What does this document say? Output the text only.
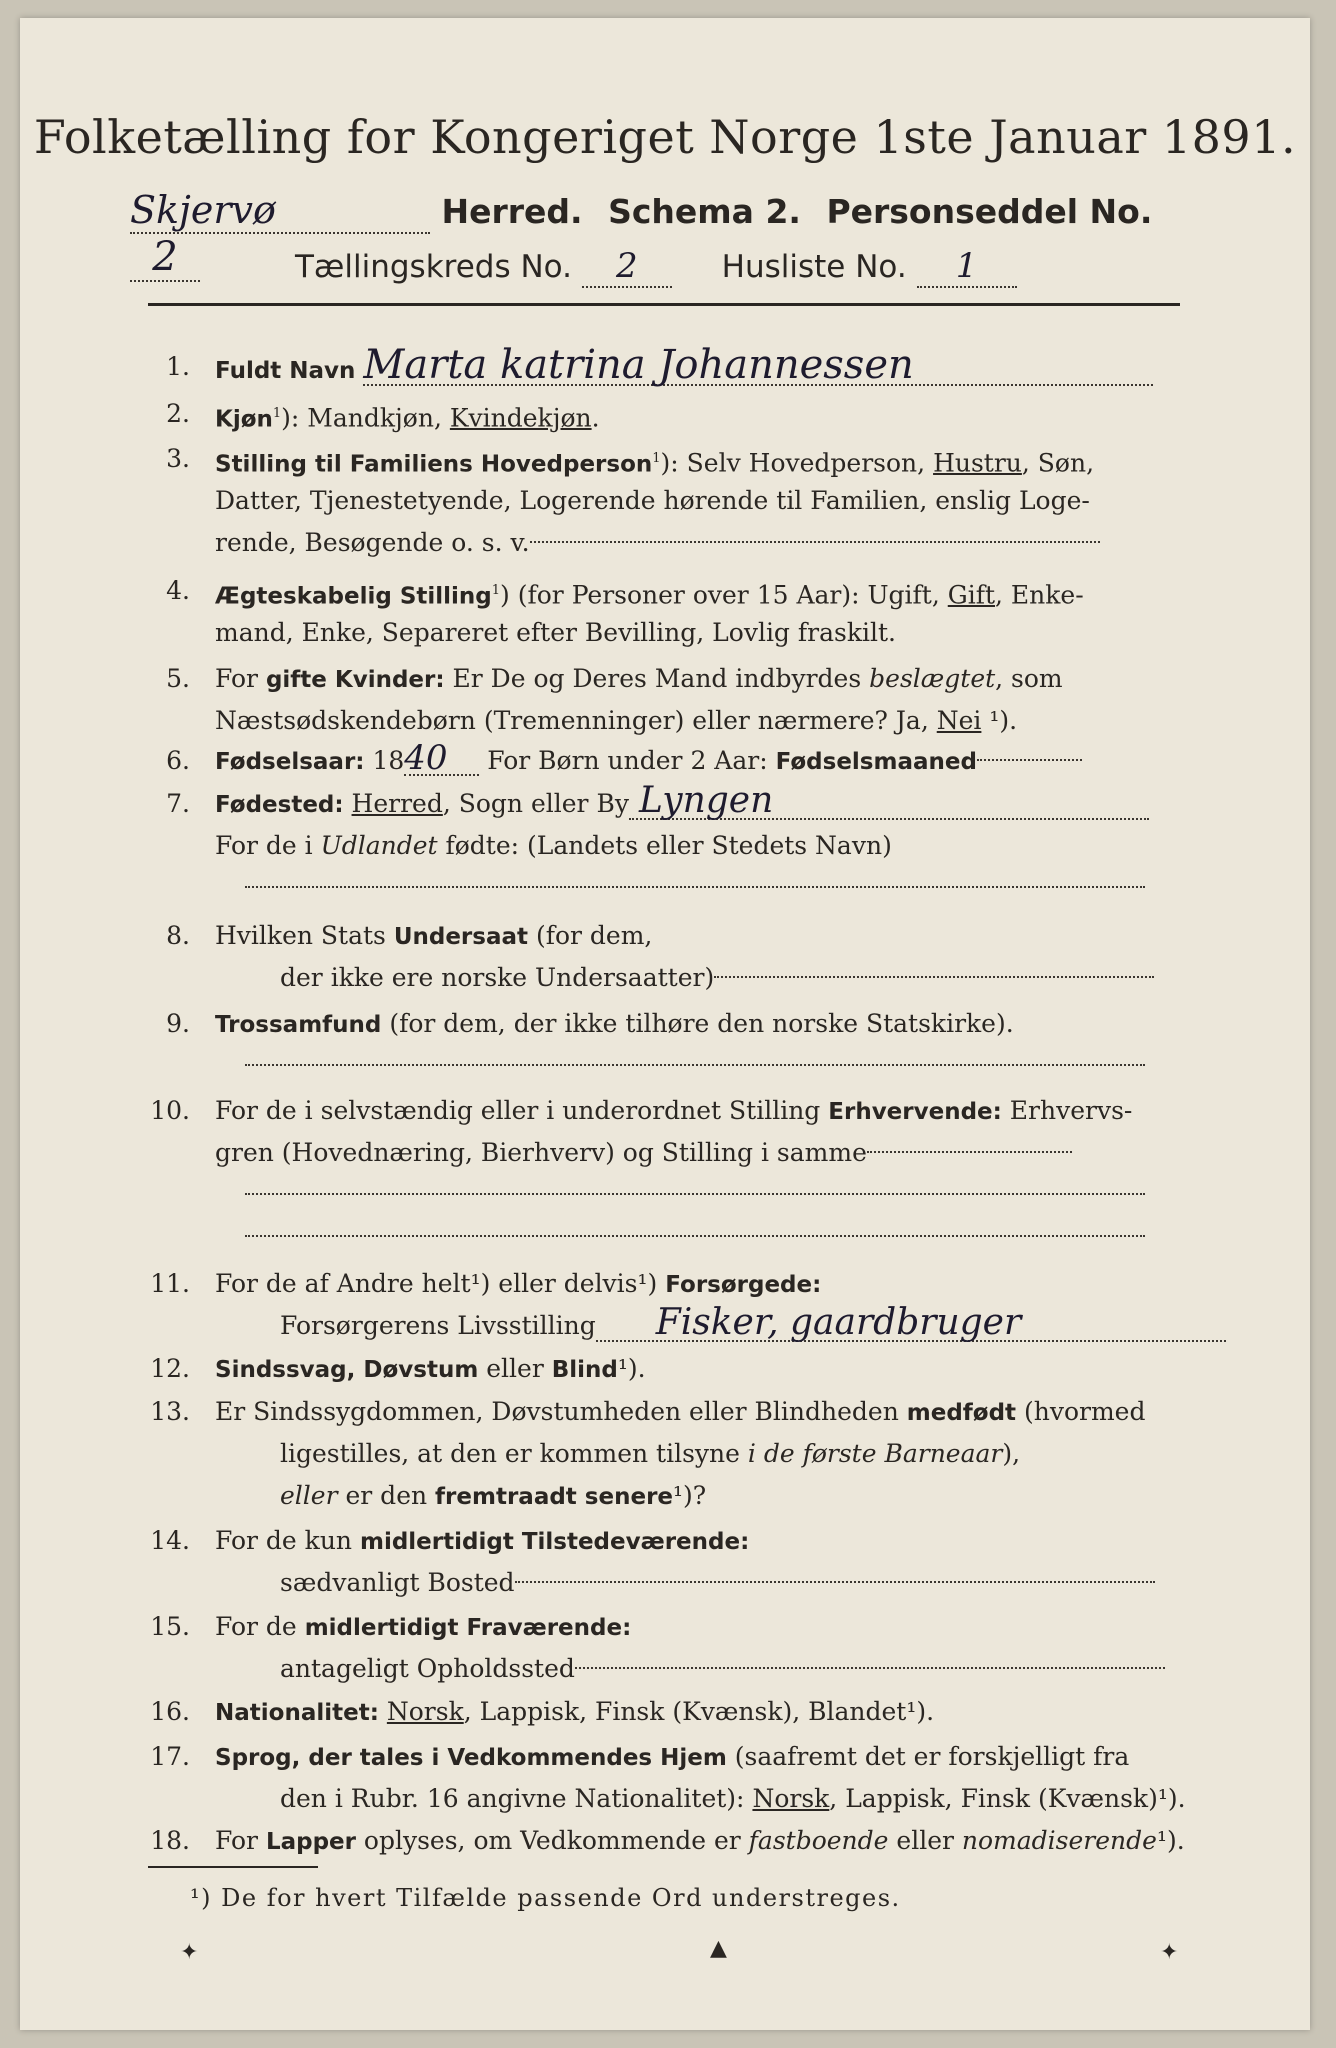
Folketælling for Kongeriget Norge 1ste Januar 1891.
Skjervø	Herred. Schema 2. Personseddel No. 2	Tællingskreds No. 2	Husliste No. 1
1. Fuldt Navn Marta katrina Johannessen
2. Kjøn$^1$): Mandkjøn, Kvindekjøn.
3. Stilling til Familiens Hovedperson$^1$): Selv Hovedperson, Hustru, Søn,
Datter, Tjenestetyende, Logerende hørende til Familien, enslig Loge-
rende, Besøgende o. s. v.
4. Ægteskabelig Stilling$^1$) (for Personer over 15 Aar): Ugift, Gift, Enke-
mand, Enke, Separeret efter Bevilling, Lovlig fraskilt.
5. For gifte Kvinder: Er De og Deres Mand indbyrdes beslægtet, som
Næstsødskendebørn (Tremenninger) eller nærmere? Ja, Nei ¹).
6. Fødselsaar: 1840 For Børn under 2 Aar: Fødselsmaaned
7. Fødested: Herred, Sogn eller By Lyngen
For de i Udlandet fødte: (Landets eller Stedets Navn)
8. Hvilken Stats Undersaat (for dem,
der ikke ere norske Undersaatter)
9. Trossamfund (for dem, der ikke tilhøre den norske Statskirke).
10. For de i selvstændig eller i underordnet Stilling Erhvervende: Erhvervs-
gren (Hovednæring, Bierhverv) og Stilling i samme
11. For de af Andre helt¹) eller delvis¹) Forsørgede:
Forsørgerens Livsstilling Fisker, gaardbruger
12. Sindssvag, Døvstum eller Blind¹).
13. Er Sindssygdommen, Døvstumheden eller Blindheden medfødt (hvormed
ligestilles, at den er kommen tilsyne i de første Barneaar),
eller er den fremtraadt senere¹)?
14. For de kun midlertidigt Tilstedeværende:
sædvanligt Bosted
15. For de midlertidigt Fraværende:
antageligt Opholdssted
16. Nationalitet: Norsk, Lappisk, Finsk (Kvænsk), Blandet¹).
17. Sprog, der tales i Vedkommendes Hjem (saafremt det er forskjelligt fra
den i Rubr. 16 angivne Nationalitet): Norsk, Lappisk, Finsk (Kvænsk)¹).
18. For Lapper oplyses, om Vedkommende er fastboende eller nomadiserende¹).
¹) De for hvert Tilfælde passende Ord understreges.
✦	▲	✦
